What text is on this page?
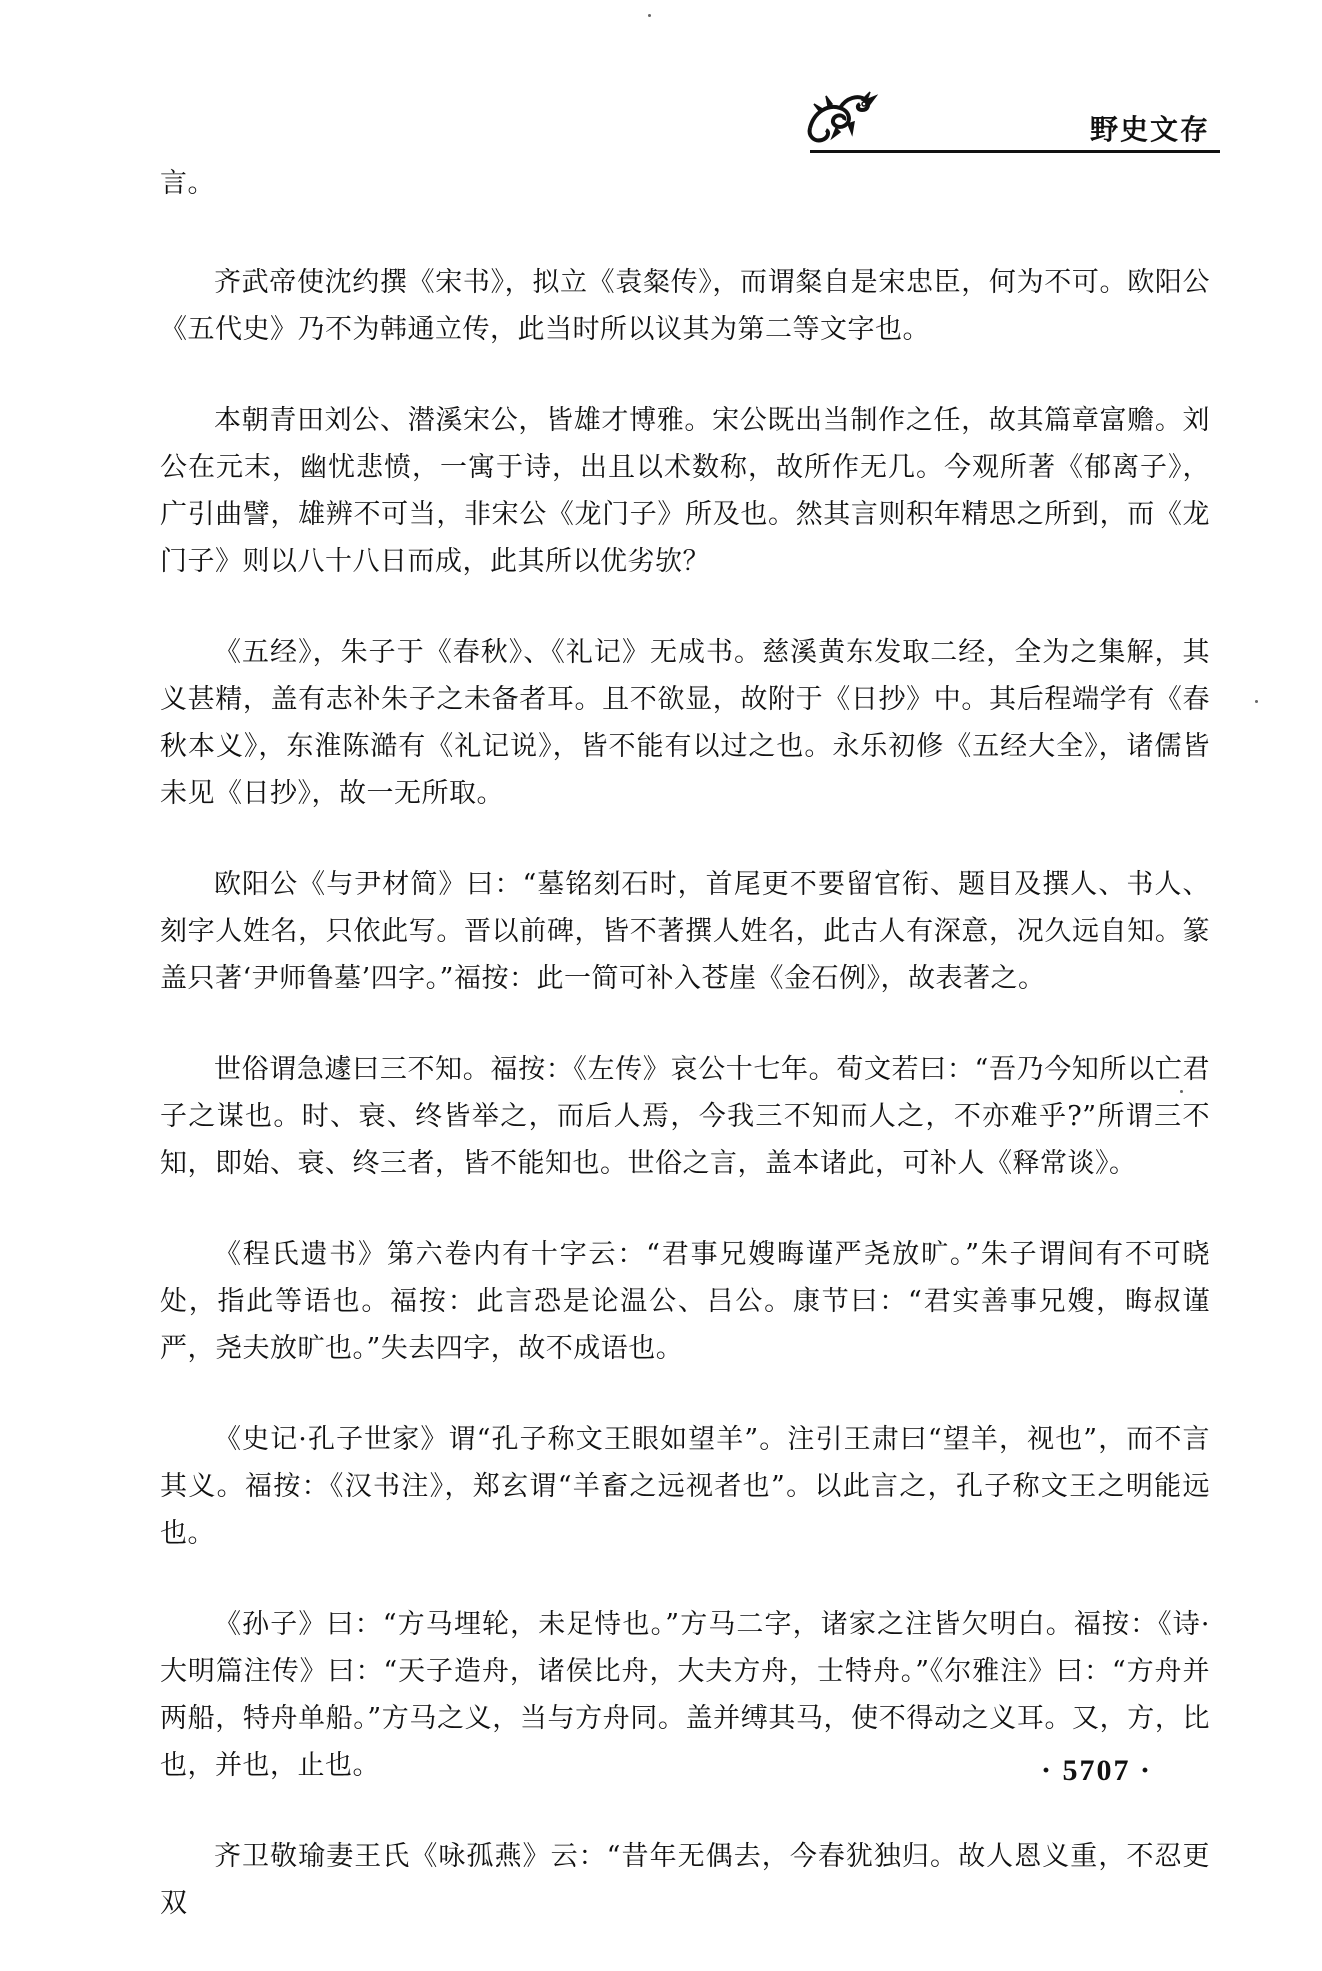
野史文存

言。

齐武帝使沈约撰《宋书》，拟立《袁粲传》，而谓粲自是宋忠臣，何为不可。欧阳公《五代史》乃不为韩通立传，此当时所以议其为第二等文字也。

本朝青田刘公、潜溪宋公，皆雄才博雅。宋公既出当制作之任，故其篇章富赡。刘公在元末，幽忧悲愤，一寓于诗，出且以术数称，故所作无几。今观所著《郁离子》，广引曲譬，雄辨不可当，非宋公《龙门子》所及也。然其言则积年精思之所到，而《龙门子》则以八十八日而成，此其所以优劣欤？

《五经》，朱子于《春秋》、《礼记》无成书。慈溪黄东发取二经，全为之集解，其义甚精，盖有志补朱子之未备者耳。且不欲显，故附于《日抄》中。其后程端学有《春秋本义》，东淮陈澔有《礼记说》，皆不能有以过之也。永乐初修《五经大全》，诸儒皆未见《日抄》，故一无所取。

欧阳公《与尹材简》曰：“墓铭刻石时，首尾更不要留官衔、题目及撰人、书人、刻字人姓名，只依此写。晋以前碑，皆不著撰人姓名，此古人有深意，况久远自知。篆盖只著‘尹师鲁墓’四字。”福按：此一简可补入苍崖《金石例》，故表著之。

世俗谓急遽曰三不知。福按：《左传》哀公十七年。荀文若曰：“吾乃今知所以亡君子之谋也。时、衰、终皆举之，而后人焉，今我三不知而人之，不亦难乎?”所谓三不知，即始、衰、终三者，皆不能知也。世俗之言，盖本诸此，可补人《释常谈》。

《程氏遗书》第六卷内有十字云：“君事兄嫂晦谨严尧放旷。”朱子谓间有不可晓处，指此等语也。福按：此言恐是论温公、吕公。康节曰：“君实善事兄嫂，晦叔谨严，尧夫放旷也。”失去四字，故不成语也。

《史记·孔子世家》谓“孔子称文王眼如望羊”。注引王肃曰“望羊，视也”，而不言其义。福按：《汉书注》，郑玄谓“羊畜之远视者也”。以此言之，孔子称文王之明能远也。

《孙子》曰：“方马埋轮，未足恃也。”方马二字，诸家之注皆欠明白。福按：《诗·大明篇注传》曰：“天子造舟，诸侯比舟，大夫方舟，士特舟。”《尔雅注》曰：“方舟并两船，特舟单船。”方马之义，当与方舟同。盖并缚其马，使不得动之义耳。又，方，比也，并也，止也。

齐卫敬瑜妻王氏《咏孤燕》云：“昔年无偶去，今春犹独归。故人恩义重，不忍更双

· 5707 ·
